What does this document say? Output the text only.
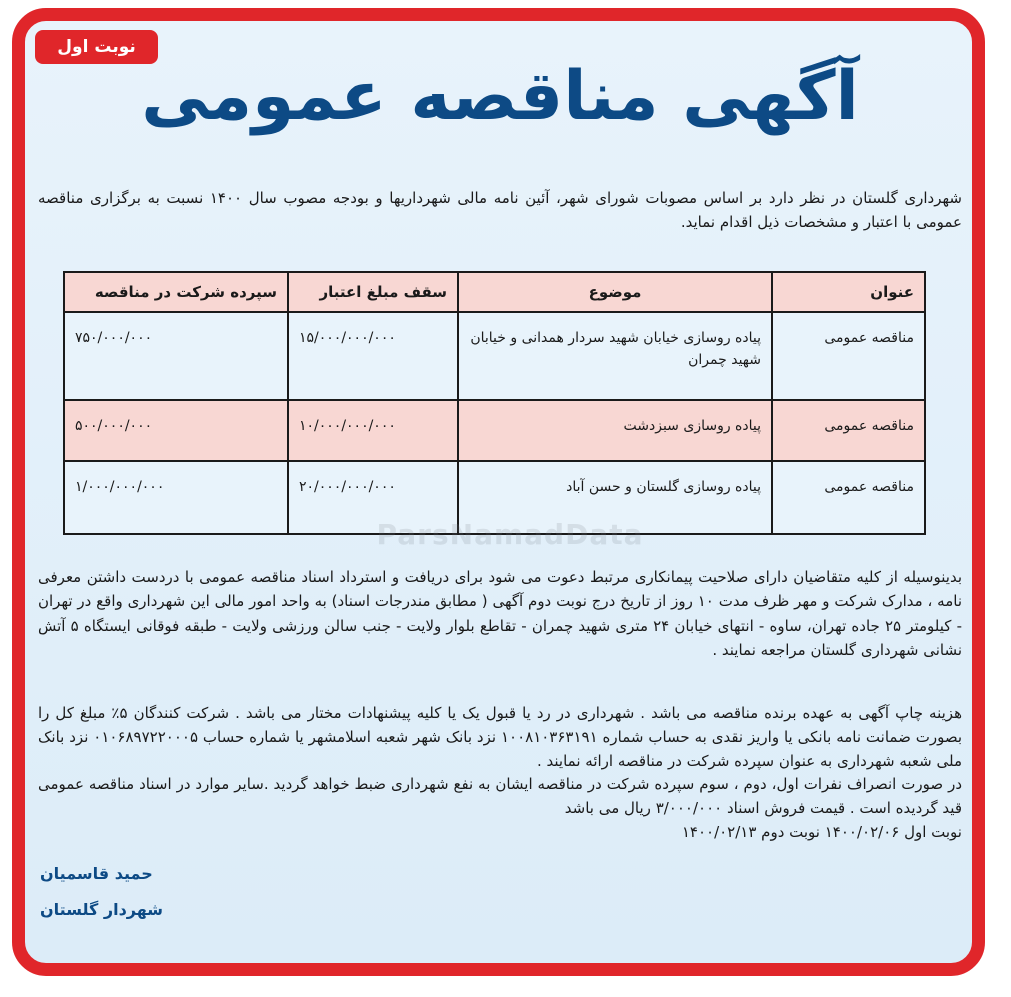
نوبت اول
آگهی مناقصه عمومی
شهرداری گلستان در نظر دارد بر اساس مصوبات شورای شهر، آئین نامه مالی شهرداریها و بودجه مصوب سال ۱۴۰۰ نسبت به برگزاری مناقصه عمومی با اعتبار و مشخصات ذیل اقدام نماید.
عنوان	موضوع	سقف مبلغ اعتبار	سپرده شرکت در مناقصه
مناقصه عمومی	پیاده روسازی خیابان شهید سردار همدانی و خیابان شهید چمران	۱۵/۰۰۰/۰۰۰/۰۰۰	۷۵۰/۰۰۰/۰۰۰
مناقصه عمومی	پیاده روسازی سبزدشت	۱۰/۰۰۰/۰۰۰/۰۰۰	۵۰۰/۰۰۰/۰۰۰
مناقصه عمومی	پیاده روسازی گلستان و حسن آباد	۲۰/۰۰۰/۰۰۰/۰۰۰	۱/۰۰۰/۰۰۰/۰۰۰
بدینوسیله از کلیه متقاضیان دارای صلاحیت پیمانکاری مرتبط دعوت می شود برای دریافت و استرداد اسناد مناقصه عمومی با دردست داشتن معرفی نامه ، مدارک شرکت و مهر ظرف مدت ۱۰ روز از تاریخ درج نوبت دوم آگهی ( مطابق مندرجات اسناد) به واحد امور مالی این شهرداری واقع در تهران - کیلومتر ۲۵ جاده تهران، ساوه - انتهای خیابان ۲۴ متری شهید چمران - تقاطع بلوار ولایت - جنب سالن ورزشی ولایت - طبقه فوقانی ایستگاه ۵ آتش نشانی شهرداری گلستان مراجعه نمایند .
هزینه چاپ آگهی به عهده برنده مناقصه می باشد . شهرداری در رد یا قبول یک یا کلیه پیشنهادات مختار می باشد . شرکت کنندگان ۵٪ مبلغ کل را بصورت ضمانت نامه بانکی یا واریز نقدی به حساب شماره ۱۰۰۸۱۰۳۶۳۱۹۱ نزد بانک شهر شعبه اسلامشهر یا شماره حساب ۰۱۰۶۸۹۷۲۲۰۰۰۵ نزد بانک ملی شعبه شهرداری به عنوان سپرده شرکت در مناقصه ارائه نمایند .
در صورت انصراف نفرات اول، دوم ، سوم سپرده شرکت در مناقصه ایشان به نفع شهرداری ضبط خواهد گردید .سایر موارد در اسناد مناقصه عمومی قید گردیده است . قیمت فروش اسناد ۳/۰۰۰/۰۰۰ ریال می باشد
نوبت اول ۱۴۰۰/۰۲/۰۶ نوبت دوم ۱۴۰۰/۰۲/۱۳
حمید قاسمیان
شهردار گلستان
